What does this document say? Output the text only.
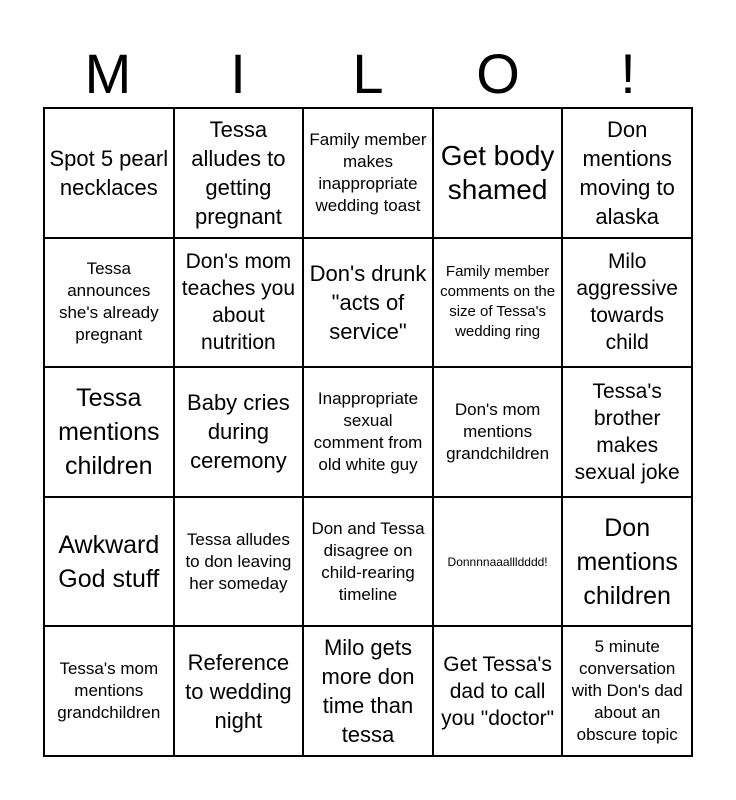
M	I	L	O	!
Spot 5 pearl necklaces
Tessa alludes to getting pregnant
Family member makes inappropriate wedding toast
Get body shamed
Don mentions moving to alaska
Tessa announces she's already pregnant
Don's mom teaches you about nutrition
Don's drunk "acts of service"
Family member comments on the size of Tessa's wedding ring
Milo aggressive towards child
Tessa mentions children
Baby cries during ceremony
Inappropriate sexual comment from old white guy
Don's mom mentions grandchildren
Tessa's brother makes sexual joke
Awkward God stuff
Tessa alludes to don leaving her someday
Don and Tessa disagree on child-rearing timeline
Donnnnaaallldddd!
Don mentions children
Tessa's mom mentions grandchildren
Reference to wedding night
Milo gets more don time than tessa
Get Tessa's dad to call you "doctor"
5 minute conversation with Don's dad about an obscure topic
